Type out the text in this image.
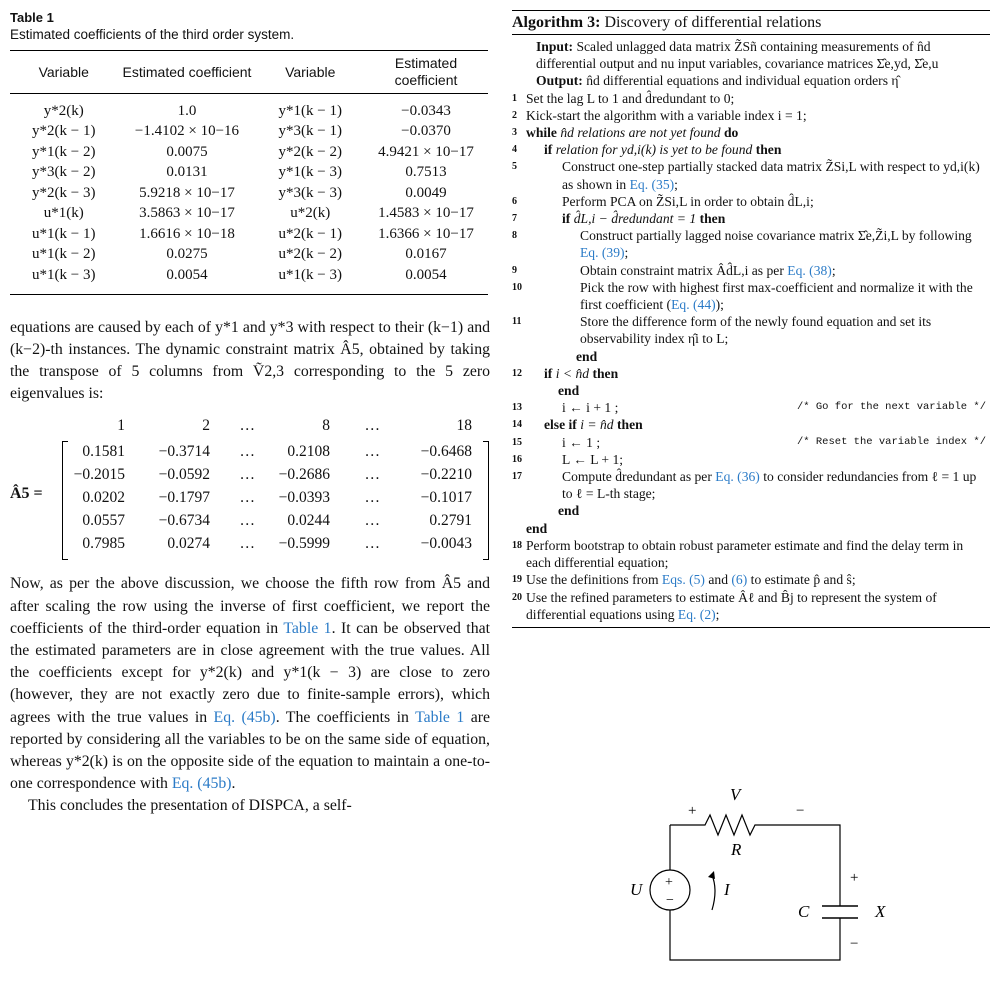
Table 1
Estimated coefficients of the third order system.
Variable	Estimated coefficient	Variable	Estimated coefficient
y*2(k)	1.0	y*1(k − 1)	−0.0343
y*2(k − 1)	−1.4102 × 10−16	y*3(k − 1)	−0.0370
y*1(k − 2)	0.0075	y*2(k − 2)	4.9421 × 10−17
y*3(k − 2)	0.0131	y*1(k − 3)	0.7513
y*2(k − 3)	5.9218 × 10−17	y*3(k − 3)	0.0049
u*1(k)	3.5863 × 10−17	u*2(k)	1.4583 × 10−17
u*1(k − 1)	1.6616 × 10−18	u*2(k − 1)	1.6366 × 10−17
u*1(k − 2)	0.0275	u*2(k − 2)	0.0167
u*1(k − 3)	0.0054	u*1(k − 3)	0.0054

equations are caused by each of y*1 and y*3 with respect to their (k−1) and (k−2)-th instances. The dynamic constraint matrix Â5, obtained by taking the transpose of 5 columns from Ṽ2,3 corresponding to the 5 zero eigenvalues is:

Â5 =
1	2	…	8	…	18
0.1581	−0.3714	…	0.2108	…	−0.6468
−0.2015	−0.0592	…	−0.2686	…	−0.2210
0.0202	−0.1797	…	−0.0393	…	−0.1017
0.0557	−0.6734	…	0.0244	…	0.2791
0.7985	0.0274	…	−0.5999	…	−0.0043

Now, as per the above discussion, we choose the fifth row from Â5 and after scaling the row using the inverse of first coefficient, we report the coefficients of the third-order equation in Table 1. It can be observed that the estimated parameters are in close agreement with the true values. All the coefficients except for y*2(k) and y*1(k − 3) are close to zero (however, they are not exactly zero due to finite-sample errors), which agrees with the true values in Eq. (45b). The coefficients in Table 1 are reported by considering all the variables to be on the same side of equation, whereas y*2(k) is on the opposite side of the equation to maintain a one-to-one correspondence with Eq. (45b).

This concludes the presentation of DISPCA, a self-

Algorithm 3: Discovery of differential relations
Input: Scaled unlagged data matrix Z̃Sñ containing measurements of n̂d differential output and nu input variables, covariance matrices Σ̂e,yd, Σ̂e,u
Output: n̂d differential equations and individual equation orders η̂
1 Set the lag L to 1 and d̂redundant to 0;
2 Kick-start the algorithm with a variable index i = 1;
3 while n̂d relations are not yet found do
4	if relation for yd,i(k) is yet to be found then
5	Construct one-step partially stacked data matrix Z̃Si,L with respect to yd,i(k) as shown in Eq. (35);
6	Perform PCA on Z̃Si,L in order to obtain d̂L,i;
7	if d̂L,i − d̂redundant = 1 then
8	Construct partially lagged noise covariance matrix Σ̂e,Z̃i,L by following Eq. (39);
9	Obtain constraint matrix Âd̂L,i as per Eq. (38);
10	Pick the row with highest first max-coefficient and normalize it with the first coefficient (Eq. (44));
11	Store the difference form of the newly found equation and set its observability index η̂i to L;
end
12 if i < n̂d then
end
13	i ← i + 1 ;	/* Go for the next variable */
14 else if i = n̂d then
15	i ← 1 ;	/* Reset the variable index */
16	L ← L + 1;
17	Compute d̂redundant as per Eq. (36) to consider redundancies from ℓ = 1 up to ℓ = L-th stage;
end
end
18 Perform bootstrap to obtain robust parameter estimate and find the delay term in each differential equation;
19 Use the definitions from Eqs. (5) and (6) to estimate p̂ and ŝ;
20 Use the refined parameters to estimate Âℓ and B̂j to represent the system of differential equations using Eq. (2);
+
−
U	I
V
R
+	−
C	X
+
−
